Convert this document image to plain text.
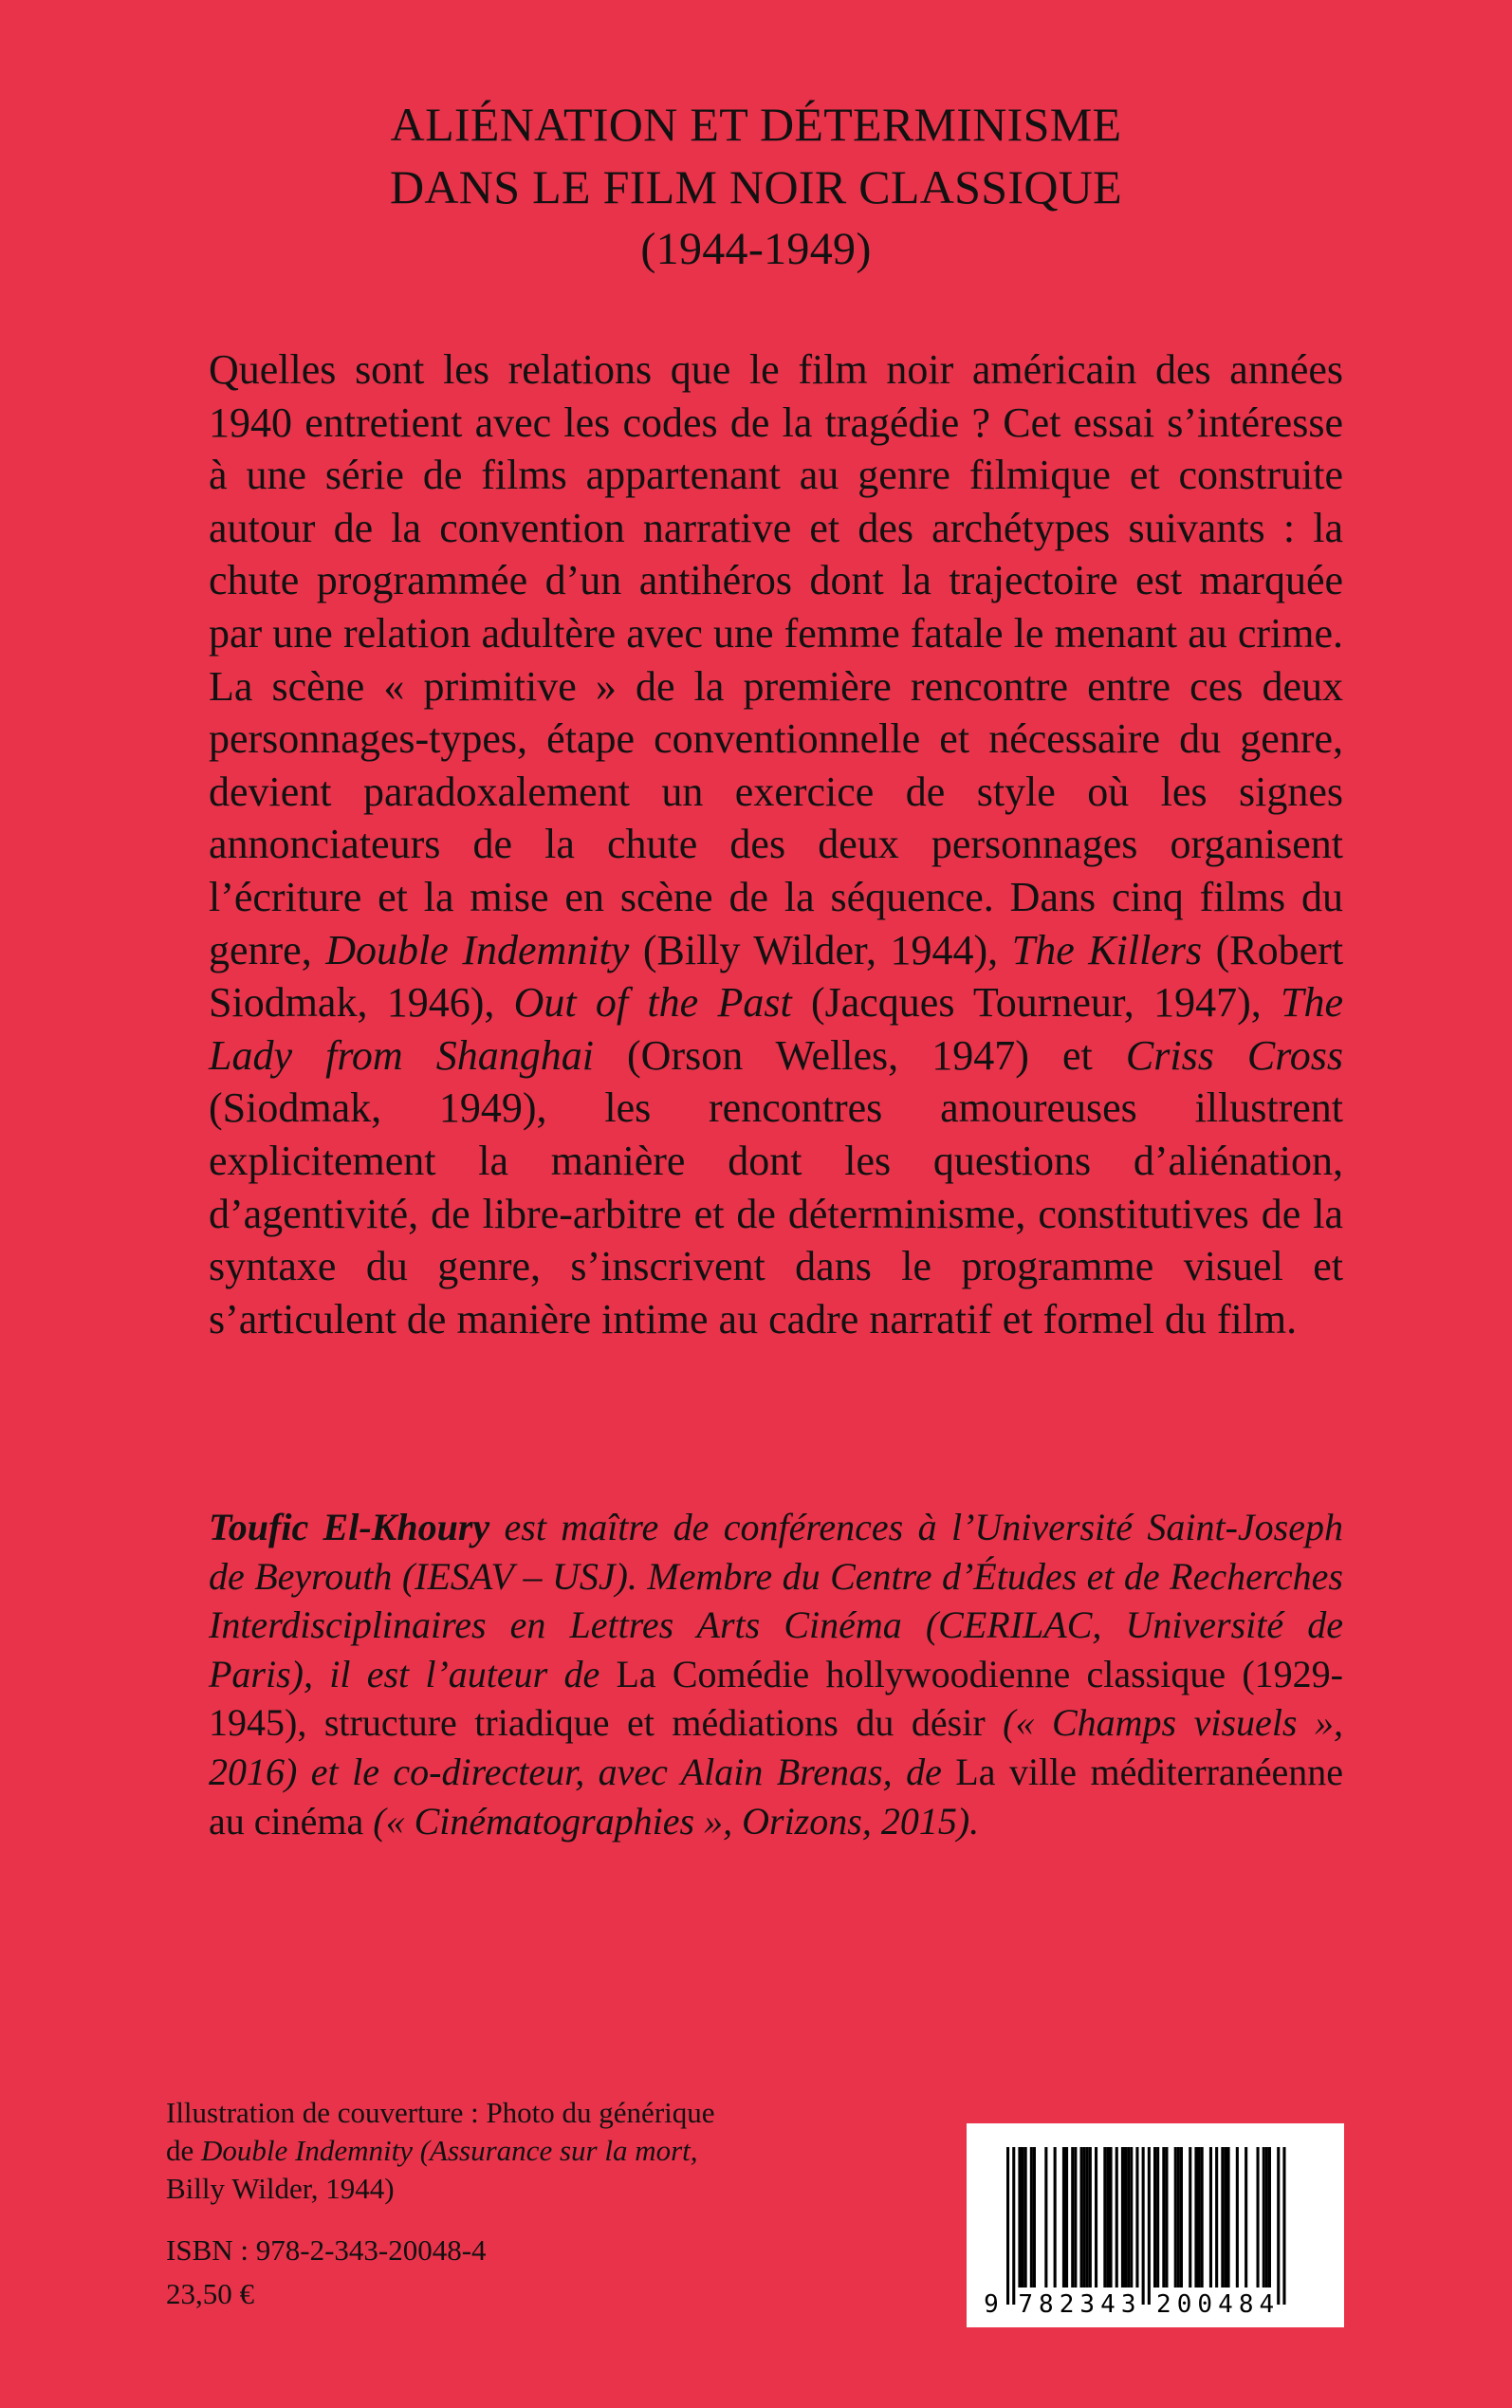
ALIÉNATION ET DÉTERMINISME
DANS LE FILM NOIR CLASSIQUE
(1944-1949)

Quelles sont les relations que le film noir américain des années 1940 entretient avec les codes de la tragédie ? Cet essai s’intéresse à une série de films appartenant au genre filmique et construite autour de la convention narrative et des archétypes suivants : la chute programmée d’un antihéros dont la trajectoire est marquée par une relation adultère avec une femme fatale le menant au crime. La scène « primitive » de la première rencontre entre ces deux personnages-types, étape conventionnelle et nécessaire du genre, devient paradoxalement un exercice de style où les signes annonciateurs de la chute des deux personnages organisent l’écriture et la mise en scène de la séquence. Dans cinq films du genre, Double Indemnity (Billy Wilder, 1944), The Killers (Robert Siodmak, 1946), Out of the Past (Jacques Tourneur, 1947), The Lady from Shanghai (Orson Welles, 1947) et Criss Cross (Siodmak, 1949), les rencontres amoureuses illustrent explicitement la manière dont les questions d’aliénation, d’agentivité, de libre-arbitre et de déterminisme, constitutives de la syntaxe du genre, s’inscrivent dans le programme visuel et s’articulent de manière intime au cadre narratif et formel du film.

Toufic El-Khoury est maître de conférences à l’Université Saint-Joseph de Beyrouth (IESAV – USJ). Membre du Centre d’Études et de Recherches Interdisciplinaires en Lettres Arts Cinéma (CERILAC, Université de Paris), il est l’auteur de La Comédie hollywoodienne classique (1929-1945), structure triadique et médiations du désir (« Champs visuels », 2016) et le co-directeur, avec Alain Brenas, de La ville méditerranéenne au cinéma (« Cinématographies », Orizons, 2015).

Illustration de couverture : Photo du générique
de Double Indemnity (Assurance sur la mort,
Billy Wilder, 1944)
ISBN : 978-2-343-20048-4
23,50 €	9 7 8 2 3 4 3 2 0 0 4 8 4
